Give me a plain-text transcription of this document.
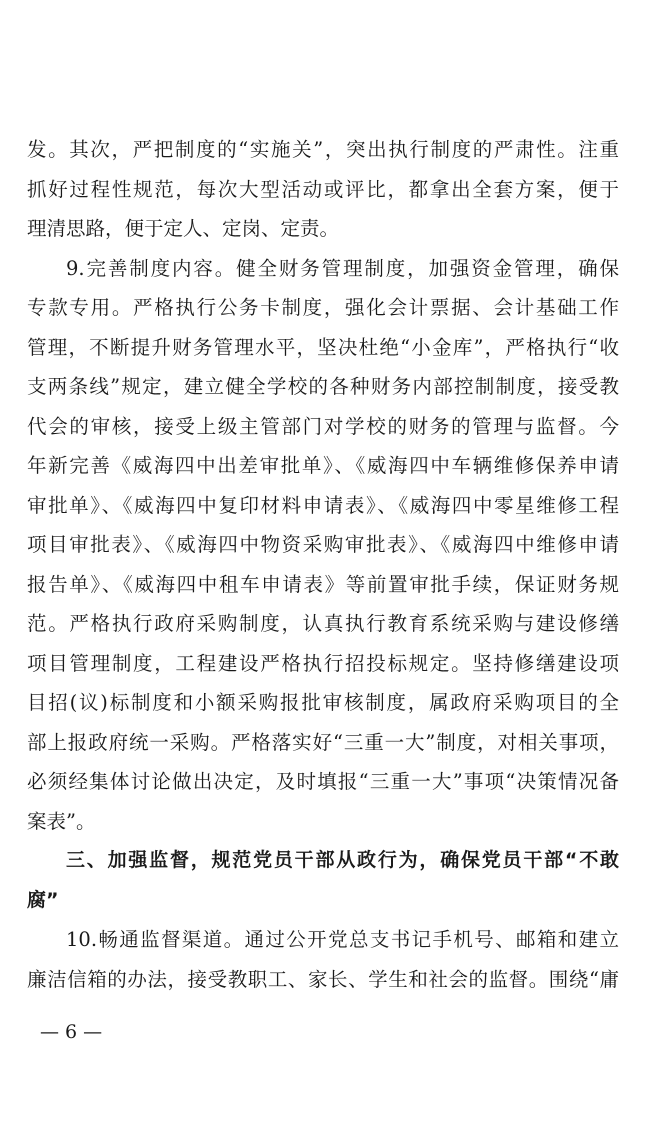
发。其次，严把制度的“实施关”，突出执行制度的严肃性。注重
抓好过程性规范，每次大型活动或评比，都拿出全套方案，便于
理清思路，便于定人、定岗、定责。
9.完善制度内容。健全财务管理制度，加强资金管理，确保
专款专用。严格执行公务卡制度，强化会计票据、会计基础工作
管理，不断提升财务管理水平，坚决杜绝“小金库”，严格执行“收
支两条线”规定，建立健全学校的各种财务内部控制制度，接受教
代会的审核，接受上级主管部门对学校的财务的管理与监督。今
年新完善《威海四中出差审批单》、《威海四中车辆维修保养申请
审批单》、《威海四中复印材料申请表》、《威海四中零星维修工程
项目审批表》、《威海四中物资采购审批表》、《威海四中维修申请
报告单》、《威海四中租车申请表》等前置审批手续，保证财务规
范。严格执行政府采购制度，认真执行教育系统采购与建设修缮
项目管理制度，工程建设严格执行招投标规定。坚持修缮建设项
目招(议)标制度和小额采购报批审核制度，属政府采购项目的全
部上报政府统一采购。严格落实好“三重一大”制度，对相关事项，
必须经集体讨论做出决定，及时填报“三重一大”事项“决策情况备
案表”。
三、加强监督，规范党员干部从政行为，确保党员干部“不敢
腐”
10.畅通监督渠道。通过公开党总支书记手机号、邮箱和建立
廉洁信箱的办法，接受教职工、家长、学生和社会的监督。围绕“庸
— 6 —
